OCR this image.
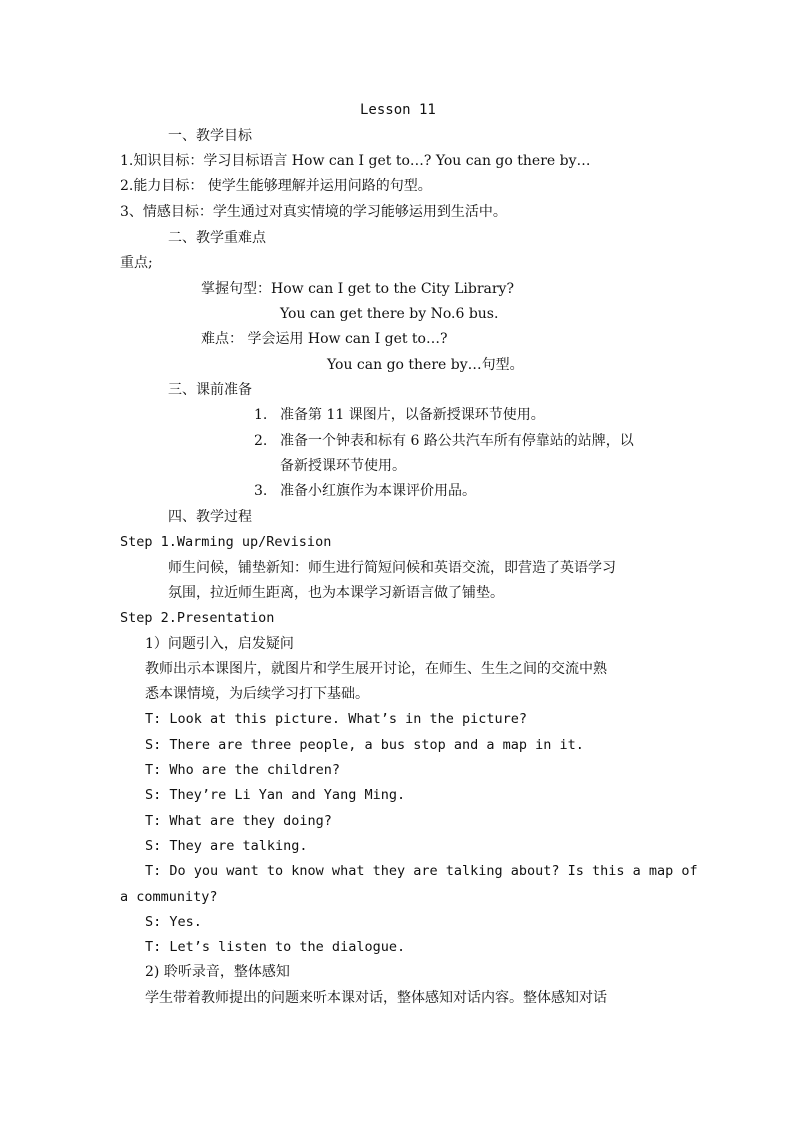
Lesson 11
一、教学目标
1.知识目标：学习目标语言 How can I get to…? You can go there by…
2.能力目标： 使学生能够理解并运用问路的句型。
3、情感目标：学生通过对真实情境的学习能够运用到生活中。
二、教学重难点
重点;
掌握句型：How can I get to the City Library?
You can get there by No.6 bus.
难点： 学会运用 How can I get to…?
You can go there by…句型。
三、课前准备
1. 准备第 11 课图片，以备新授课环节使用。
2. 准备一个钟表和标有 6 路公共汽车所有停靠站的站牌，以
备新授课环节使用。
3. 准备小红旗作为本课评价用品。
四、教学过程
Step 1.Warming up/Revision
师生问候，铺垫新知：师生进行简短问候和英语交流，即营造了英语学习
氛围，拉近师生距离，也为本课学习新语言做了铺垫。
Step 2.Presentation
1）问题引入，启发疑问
教师出示本课图片，就图片和学生展开讨论，在师生、生生之间的交流中熟
悉本课情境，为后续学习打下基础。
T: Look at this picture. What’s in the picture?
S: There are three people, a bus stop and a map in it.
T: Who are the children?
S: They’re Li Yan and Yang Ming.
T: What are they doing?
S: They are talking.
T: Do you want to know what they are talking about? Is this a map of
a community?
S: Yes.
T: Let’s listen to the dialogue.
2) 聆听录音，整体感知
学生带着教师提出的问题来听本课对话，整体感知对话内容。整体感知对话
